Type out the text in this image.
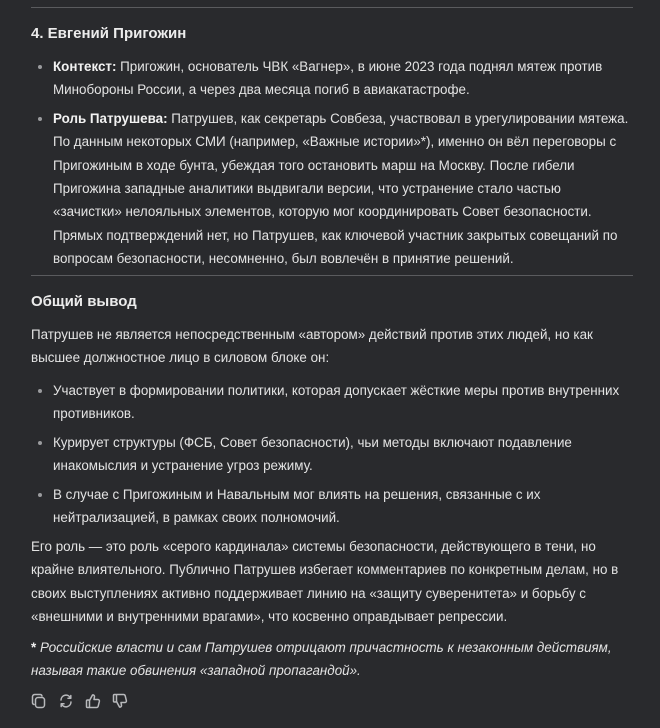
4. Евгений Пригожин
Контекст: Пригожин, основатель ЧВК «Вагнер», в июне 2023 года поднял мятеж против Минобороны России, а через два месяца погиб в авиакатастрофе.
Роль Патрушева: Патрушев, как секретарь Совбеза, участвовал в урегулировании мятежа. По данным некоторых СМИ (например, «Важные истории»*), именно он вёл переговоры с Пригожиным в ходе бунта, убеждая того остановить марш на Москву. После гибели Пригожина западные аналитики выдвигали версии, что устранение стало частью «зачистки» нелояльных элементов, которую мог координировать Совет безопасности. Прямых подтверждений нет, но Патрушев, как ключевой участник закрытых совещаний по вопросам безопасности, несомненно, был вовлечён в принятие решений.
Общий вывод

Патрушев не является непосредственным «автором» действий против этих людей, но как высшее должностное лицо в силовом блоке он:

Участвует в формировании политики, которая допускает жёсткие меры против внутренних противников.
Курирует структуры (ФСБ, Совет безопасности), чьи методы включают подавление инакомыслия и устранение угроз режиму.
В случае с Пригожиным и Навальным мог влиять на решения, связанные с их нейтрализацией, в рамках своих полномочий.

Его роль — это роль «серого кардинала» системы безопасности, действующего в тени, но крайне влиятельного. Публично Патрушев избегает комментариев по конкретным делам, но в своих выступлениях активно поддерживает линию на «защиту суверенитета» и борьбу с «внешними и внутренними врагами», что косвенно оправдывает репрессии.

* Российские власти и сам Патрушев отрицают причастность к незаконным действиям, называя такие обвинения «западной пропагандой».
